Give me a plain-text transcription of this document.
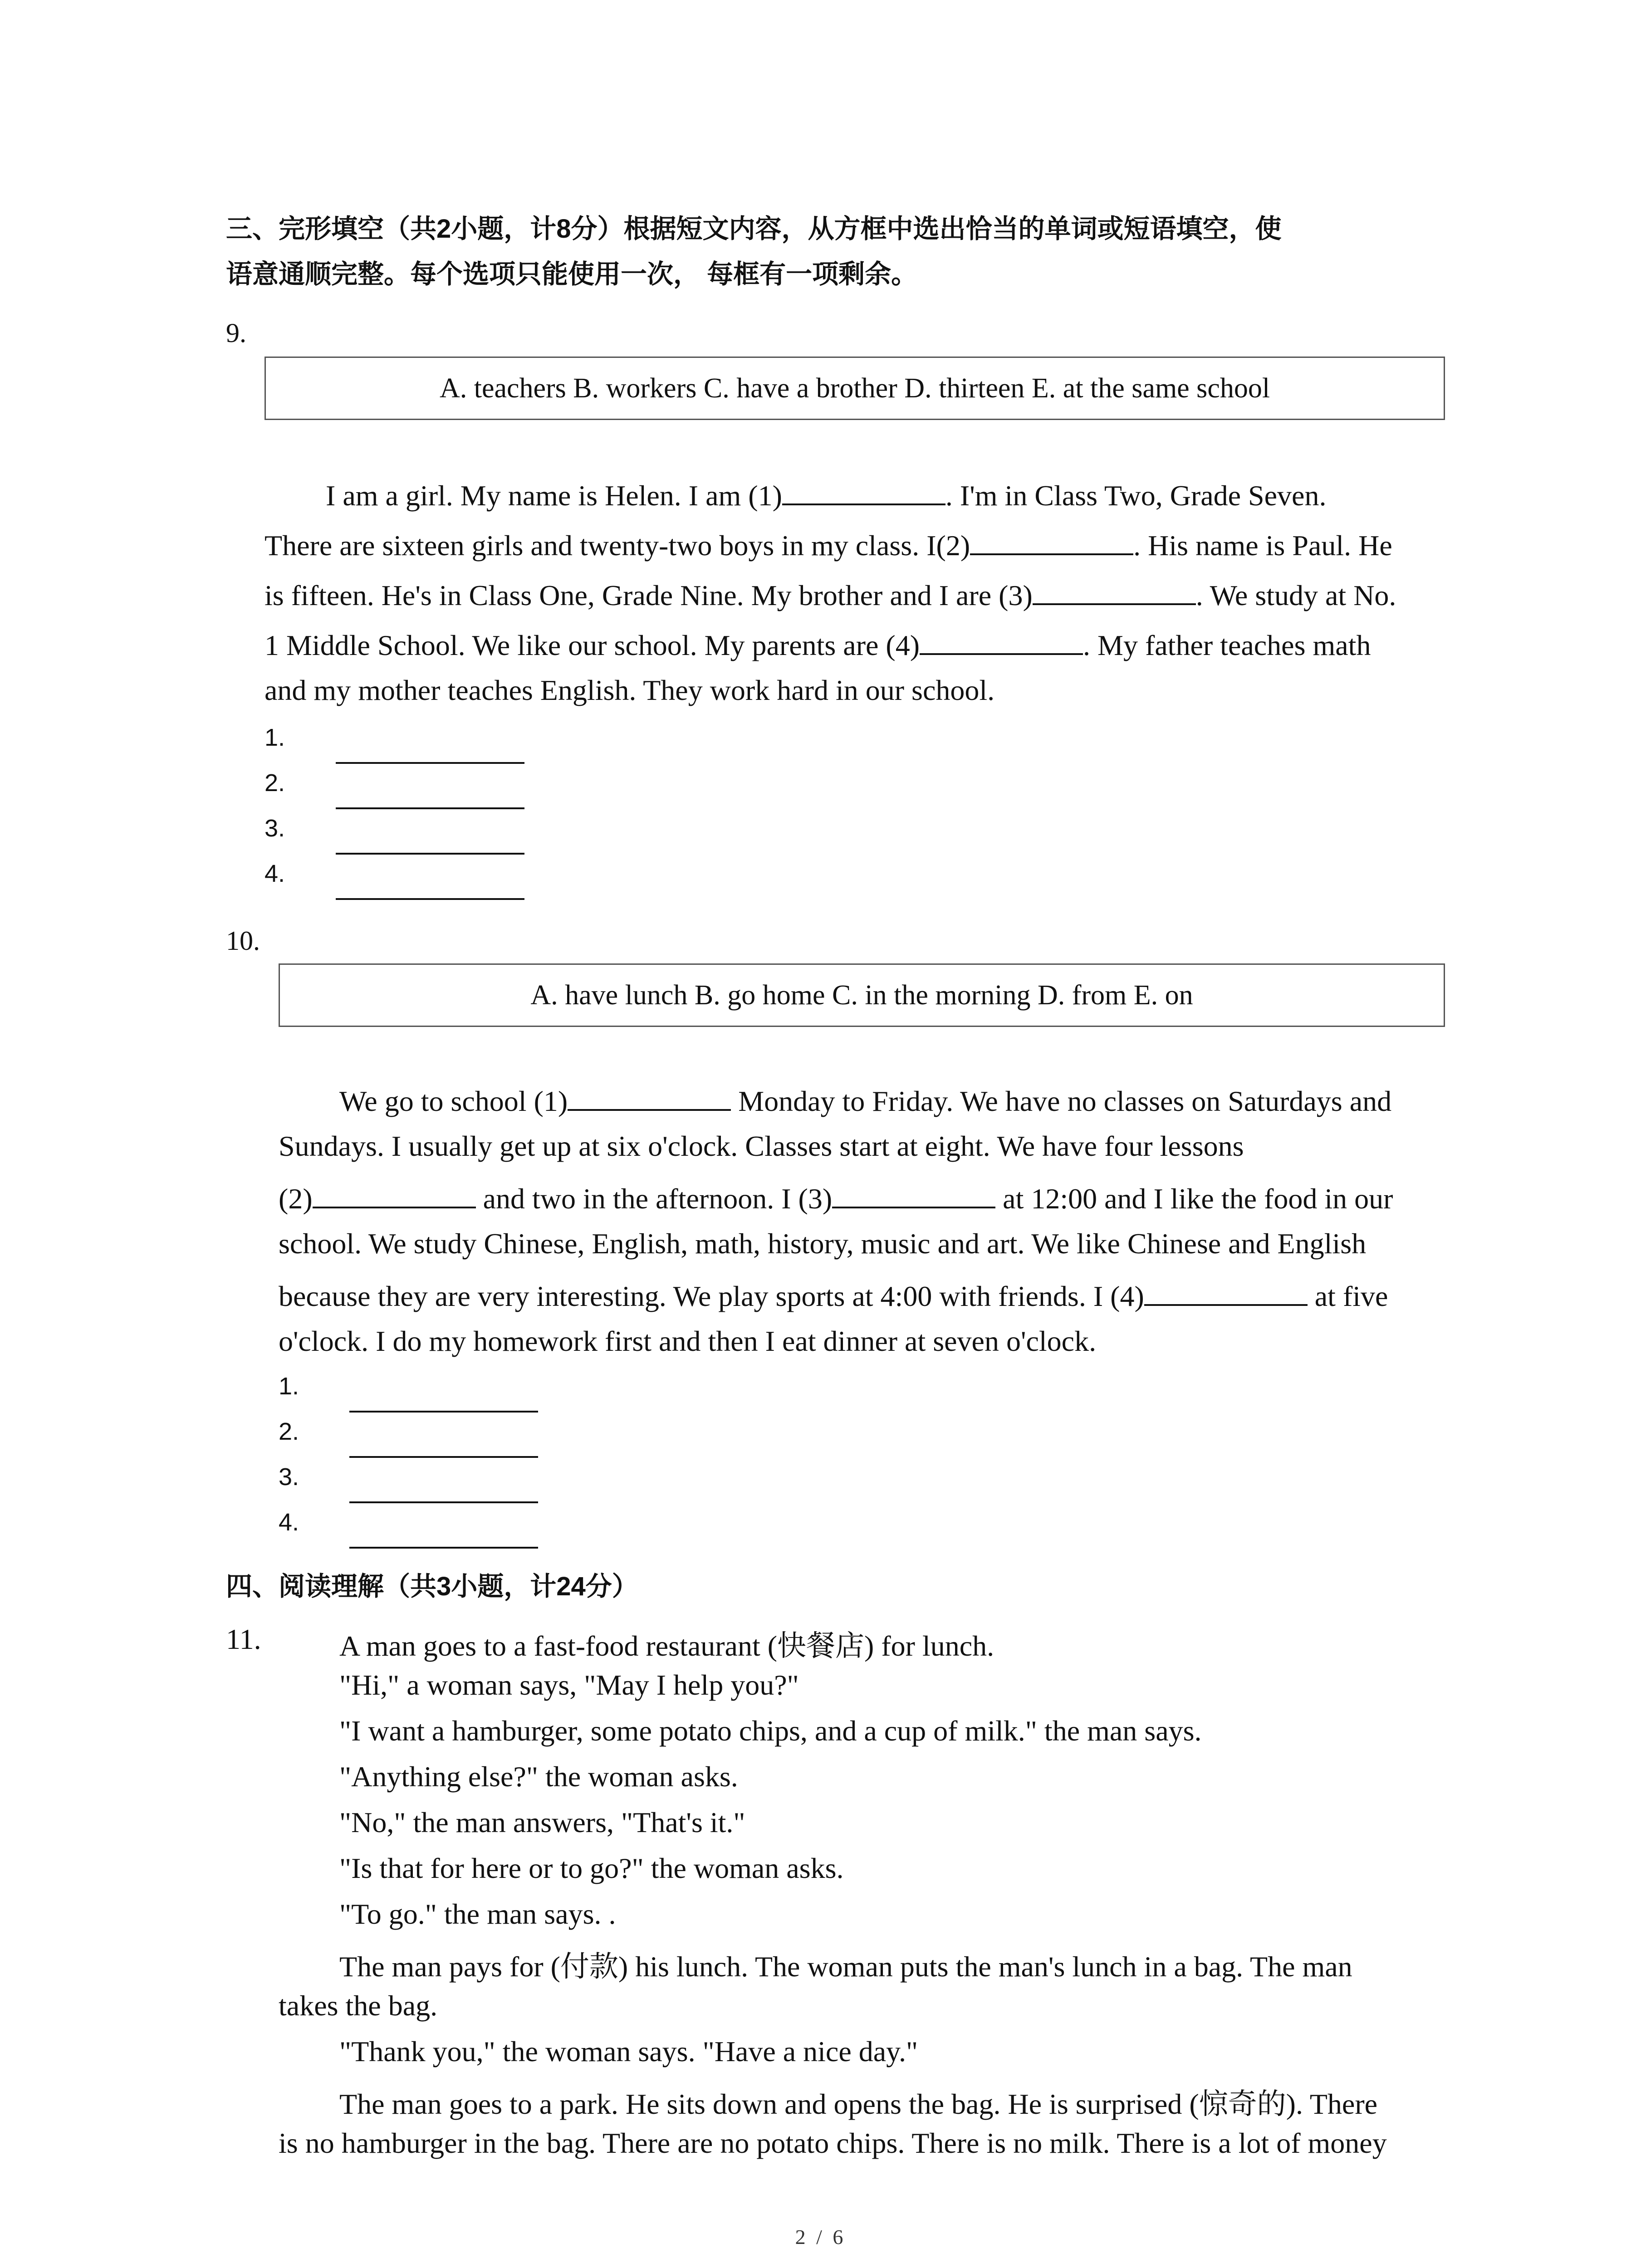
三、完形填空（共2小题，计8分）根据短文内容，从方框中选出恰当的单词或短语填空，使
语意通顺完整。每个选项只能使用一次， 每框有一项剩余。
9.
A. teachers B. workers C. have a brother D. thirteen E. at the same school
I am a girl. My name is Helen. I am (1)	. I'm in Class Two, Grade Seven.
There are sixteen girls and twenty-two boys in my class. I(2)	. His name is Paul. He
is fifteen. He's in Class One, Grade Nine. My brother and I are (3)	. We study at No.
1 Middle School. We like our school. My parents are (4)	. My father teaches math
and my mother teaches English. They work hard in our school.
1.
2.
3.
4.
10.
A. have lunch B. go home C. in the morning D. from E. on
We go to school (1)	Monday to Friday. We have no classes on Saturdays and
Sundays. I usually get up at six o'clock. Classes start at eight. We have four lessons
(2)	and two in the afternoon. I (3)	at 12:00 and I like the food in our
school. We study Chinese, English, math, history, music and art. We like Chinese and English
because they are very interesting. We play sports at 4:00 with friends. I (4)	at five
o'clock. I do my homework first and then I eat dinner at seven o'clock.
1.
2.
3.
4.
四、阅读理解（共3小题，计24分）
11.	A man goes to a fast-food restaurant (快餐店) for lunch.
"Hi," a woman says, "May I help you?"
"I want a hamburger, some potato chips, and a cup of milk." the man says.
"Anything else?" the woman asks.
"No," the man answers, "That's it."
"Is that for here or to go?" the woman asks.
"To go." the man says. .
The man pays for (付款) his lunch. The woman puts the man's lunch in a bag. The man
takes the bag.
"Thank you," the woman says. "Have a nice day."
The man goes to a park. He sits down and opens the bag. He is surprised (惊奇的). There
is no hamburger in the bag. There are no potato chips. There is no milk. There is a lot of money
2 / 6
